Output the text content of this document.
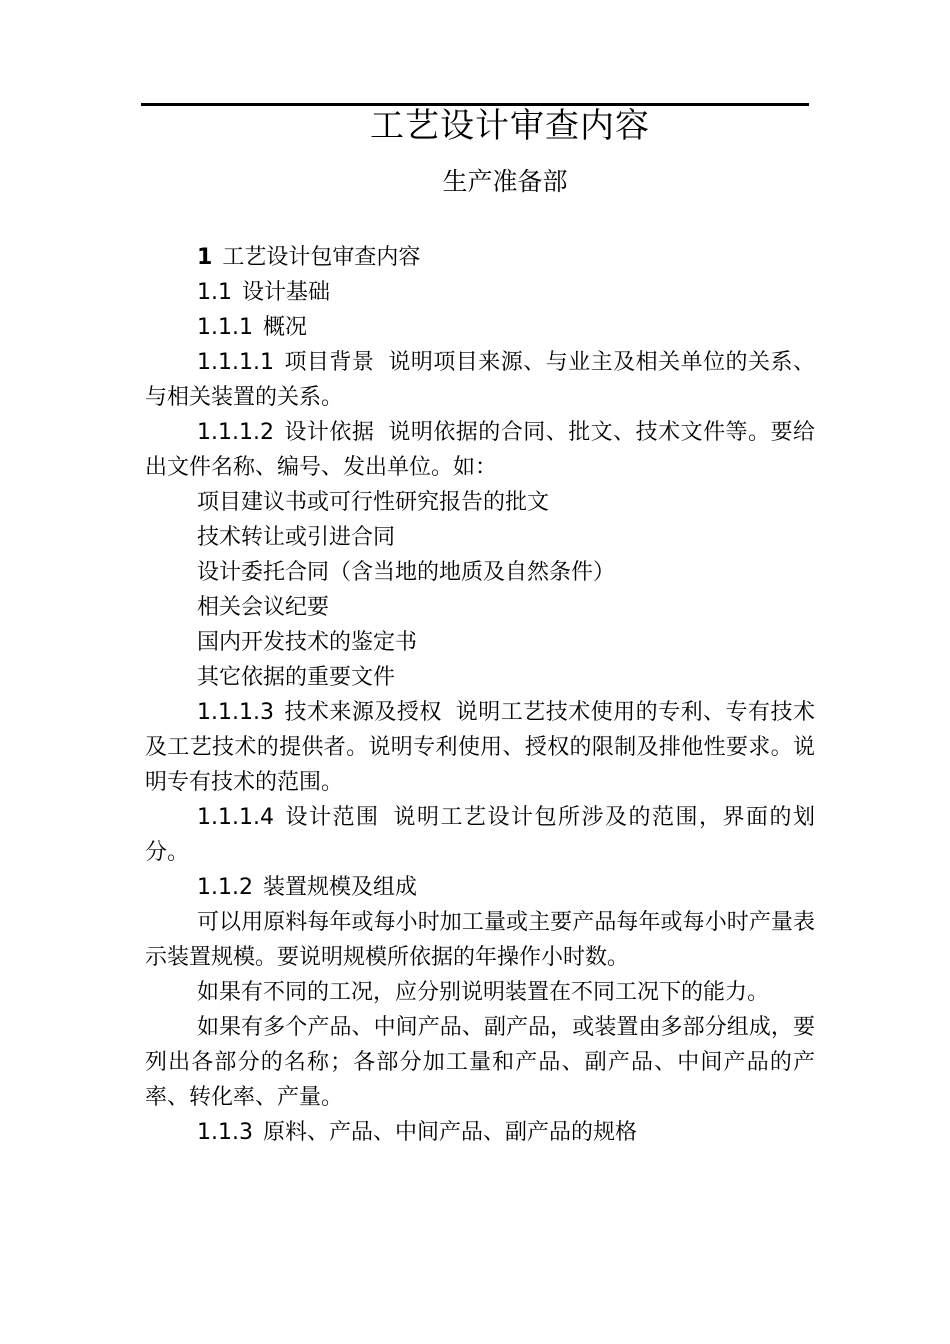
工艺设计审查内容
生产准备部

1 工艺设计包审查内容

1.1 设计基础

1.1.1 概况

1.1.1.1 项目背景 说明项目来源、与业主及相关单位的关系、与相关装置的关系。

1.1.1.2 设计依据 说明依据的合同、批文、技术文件等。要给出文件名称、编号、发出单位。如：

项目建议书或可行性研究报告的批文

技术转让或引进合同

设计委托合同（含当地的地质及自然条件）

相关会议纪要

国内开发技术的鉴定书

其它依据的重要文件

1.1.1.3 技术来源及授权 说明工艺技术使用的专利、专有技术及工艺技术的提供者。说明专利使用、授权的限制及排他性要求。说明专有技术的范围。

1.1.1.4 设计范围 说明工艺设计包所涉及的范围，界面的划分。

1.1.2 装置规模及组成

可以用原料每年或每小时加工量或主要产品每年或每小时产量表示装置规模。要说明规模所依据的年操作小时数。

如果有不同的工况，应分别说明装置在不同工况下的能力。

如果有多个产品、中间产品、副产品，或装置由多部分组成，要列出各部分的名称；各部分加工量和产品、副产品、中间产品的产率、转化率、产量。

1.1.3 原料、产品、中间产品、副产品的规格
